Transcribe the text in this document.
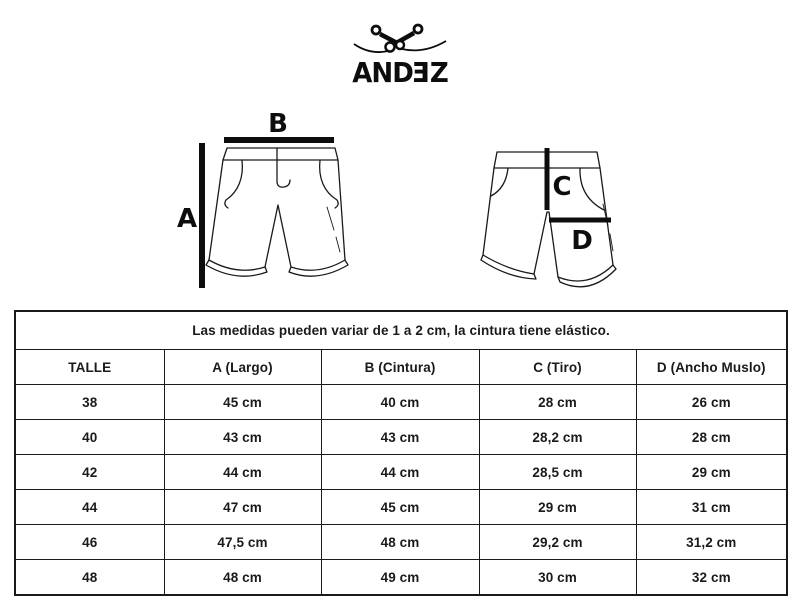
AND E Z
A
B
C
D
Las medidas pueden variar de 1 a 2 cm, la cintura tiene elástico.				
TALLE	A (Largo)	B (Cintura)	C (Tiro)	D (Ancho Muslo)
38	45 cm	40 cm	28 cm	26 cm
40	43 cm	43 cm	28,2 cm	28 cm
42	44 cm	44 cm	28,5 cm	29 cm
44	47 cm	45 cm	29 cm	31 cm
46	47,5 cm	48 cm	29,2 cm	31,2 cm
48	48 cm	49 cm	30 cm	32 cm
